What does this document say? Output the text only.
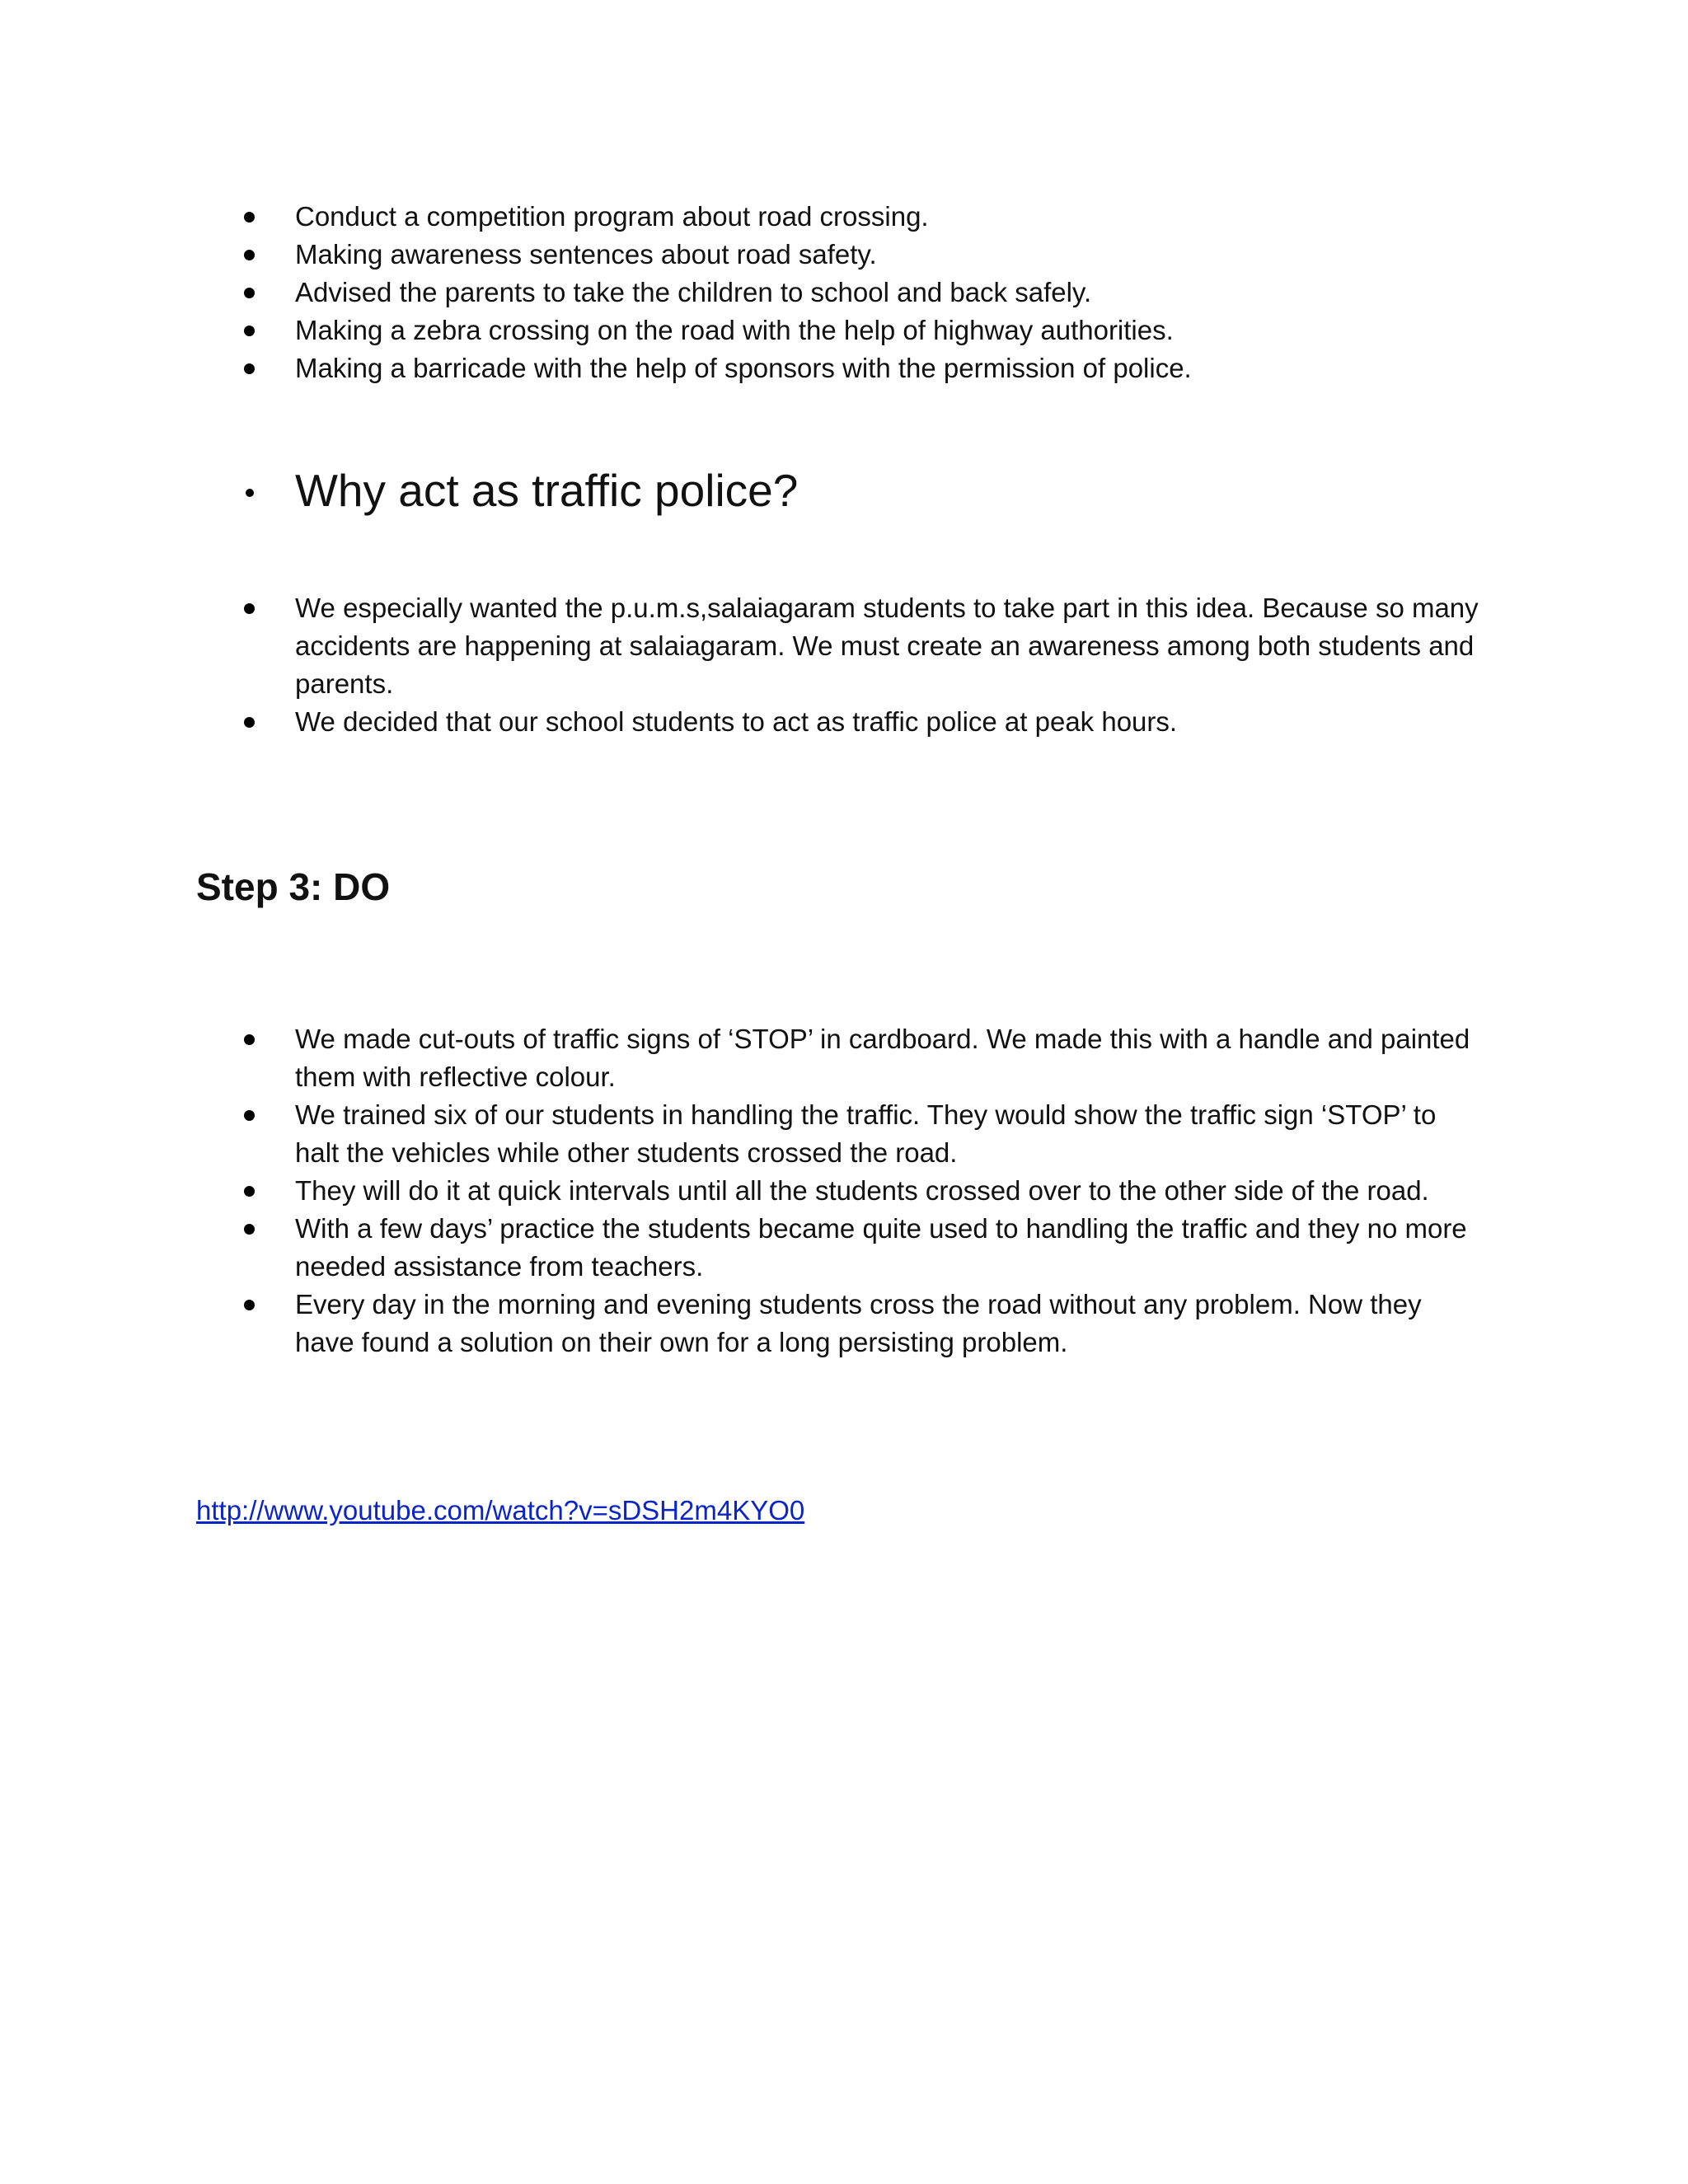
Conduct a competition program about road crossing.
Making awareness sentences about road safety.
Advised the parents to take the children to school and back safely.
Making a zebra crossing on the road with the help of highway authorities.
Making a barricade with the help of sponsors with the permission of police.
Why act as traffic police?
We especially wanted the p.u.m.s,salaiagaram students to take part in this idea. Because so many accidents are happening at salaiagaram. We must create an awareness among both students and parents.
We decided that our school students to act as traffic police at peak hours.
Step 3: DO
We made cut-outs of traffic signs of ‘STOP’ in cardboard. We made this with a handle and painted them with reflective colour.
We trained six of our students in handling the traffic. They would show the traffic sign ‘STOP’ to halt the vehicles while other students crossed the road.
They will do it at quick intervals until all the students crossed over to the other side of the road.
With a few days’ practice the students became quite used to handling the traffic and they no more needed assistance from teachers.
Every day in the morning and evening students cross the road without any problem. Now they have found a solution on their own for a long persisting problem.
http://www.youtube.com/watch?v=sDSH2m4KYO0
